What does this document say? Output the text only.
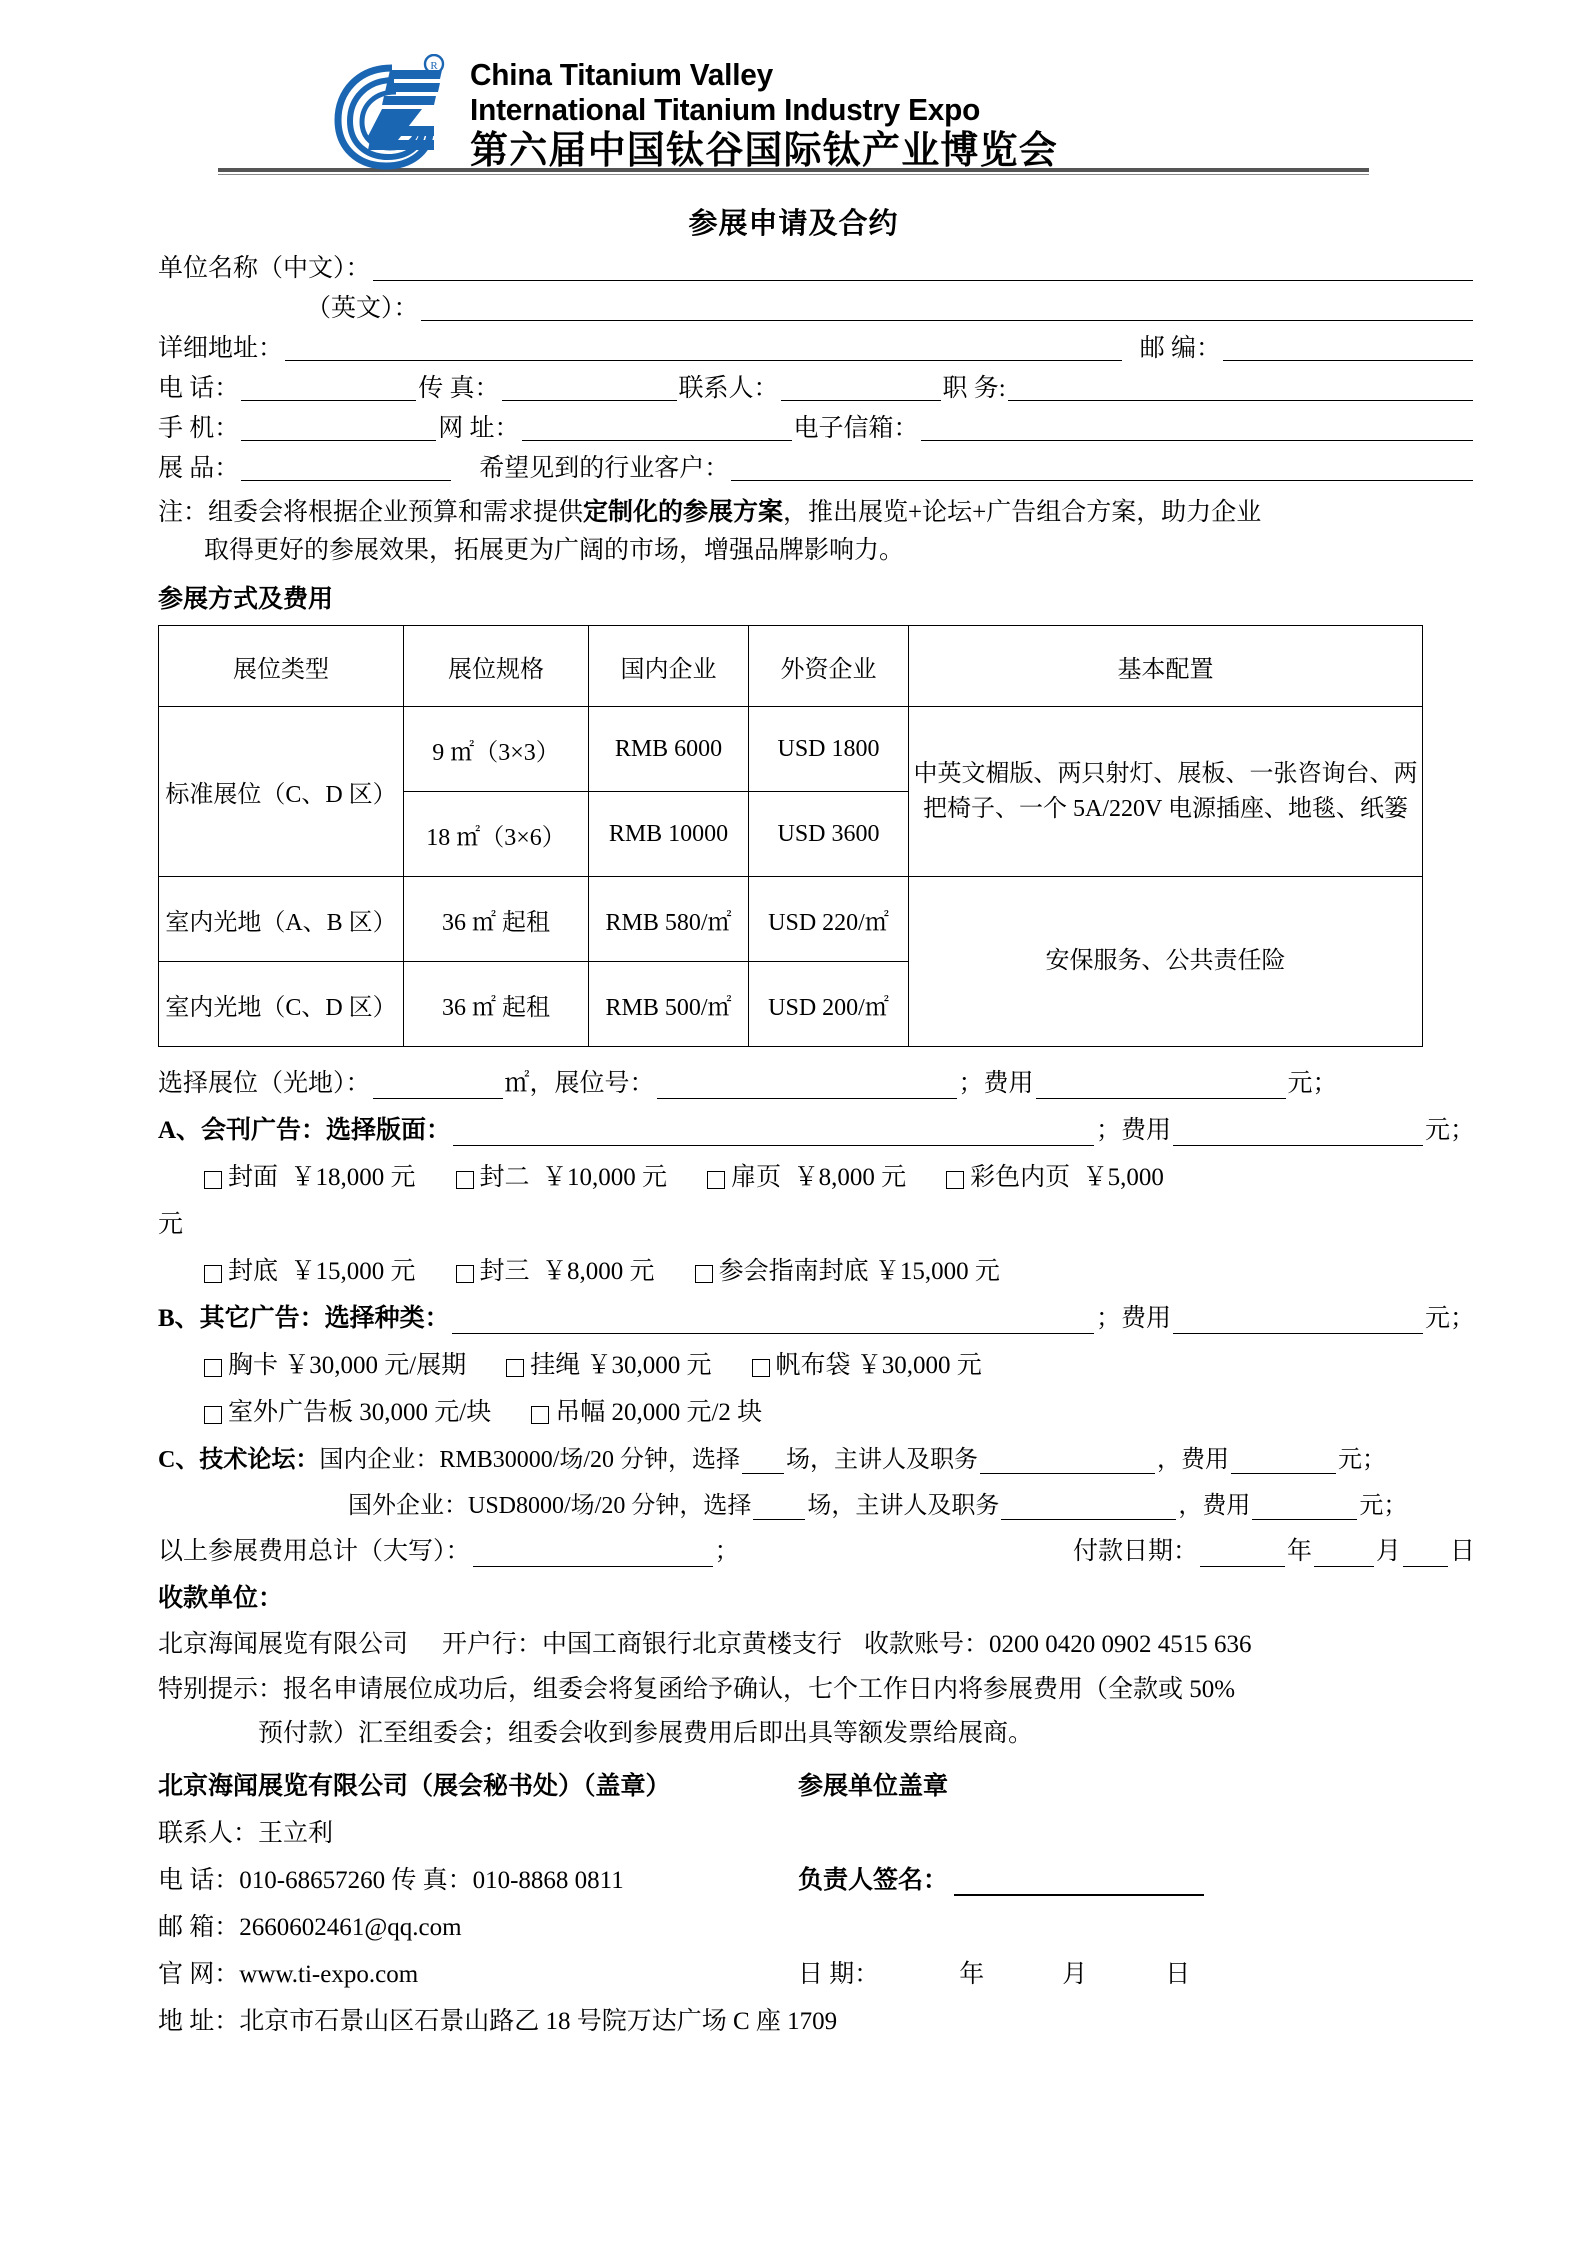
R China Titanium Valley
International Titanium Industry Expo
第六届中国钛谷国际钛产业博览会
参展申请及合约
单位名称（中文）：
（英文）：
详细地址：	邮 编：
电 话：	传 真：	联系人：	职 务:
手 机：	网 址：	电子信箱：
展 品：	希望见到的行业客户：
注：组委会将根据企业预算和需求提供定制化的参展方案，推出展览+论坛+广告组合方案，助力企业
取得更好的参展效果，拓展更为广阔的市场，增强品牌影响力。
参展方式及费用
展位类型	展位规格	国内企业	外资企业	基本配置
标准展位（C、D 区）	9 ㎡（3×3）	RMB 6000	USD 1800	中英文楣版、两只射灯、展板、一张咨询台、两把椅子、一个 5A/220V 电源插座、地毯、纸篓
	18 ㎡（3×6）	RMB 10000	USD 3600	
室内光地（A、B 区）	36 ㎡ 起租	RMB 580/㎡	USD 220/㎡	安保服务、公共责任险
室内光地（C、D 区）	36 ㎡ 起租	RMB 500/㎡	USD 200/㎡	
选择展位（光地）：	㎡，展位号：	；费用	元；
A、会刊广告：选择版面：	；费用	元；
封面
￥18,000 元	封二
￥10,000 元	扉页
￥8,000 元	彩色内页
￥5,000
元
封底
￥15,000 元	封三
￥8,000 元	参会指南封底
￥15,000 元
B、其它广告：选择种类：	；费用	元；
胸卡
￥30,000 元/展期	挂绳
￥30,000 元	帆布袋
￥30,000 元
室外广告板
30,000 元/块	吊幅
20,000 元/2 块
C、技术论坛： 国内企业：RMB30000/场/20 分钟，选择 场，主讲人及职务	，费用	元；
国外企业：USD8000/场/20 分钟，选择 场，主讲人及职务	，费用	元；
以上参展费用总计（大写）：	；	付款日期：	年	月 日
收款单位：
北京海闻展览有限公司 开户行：中国工商银行北京黄楼支行 收款账号：0200 0420 0902 4515 636
特别提示：报名申请展位成功后，组委会将复函给予确认，七个工作日内将参展费用（全款或 50%
预付款）汇至组委会；组委会收到参展费用后即出具等额发票给展商。
北京海闻展览有限公司（展会秘书处）（盖章）	参展单位盖章
联系人：王立利
电 话：010-68657260 传 真：010-8868 0811	负责人签名：
邮 箱：2660602461@qq.com
官 网：www.ti-expo.com	日 期：	年	月	日
地 址：北京市石景山区石景山路乙 18 号院万达广场 C 座 1709
